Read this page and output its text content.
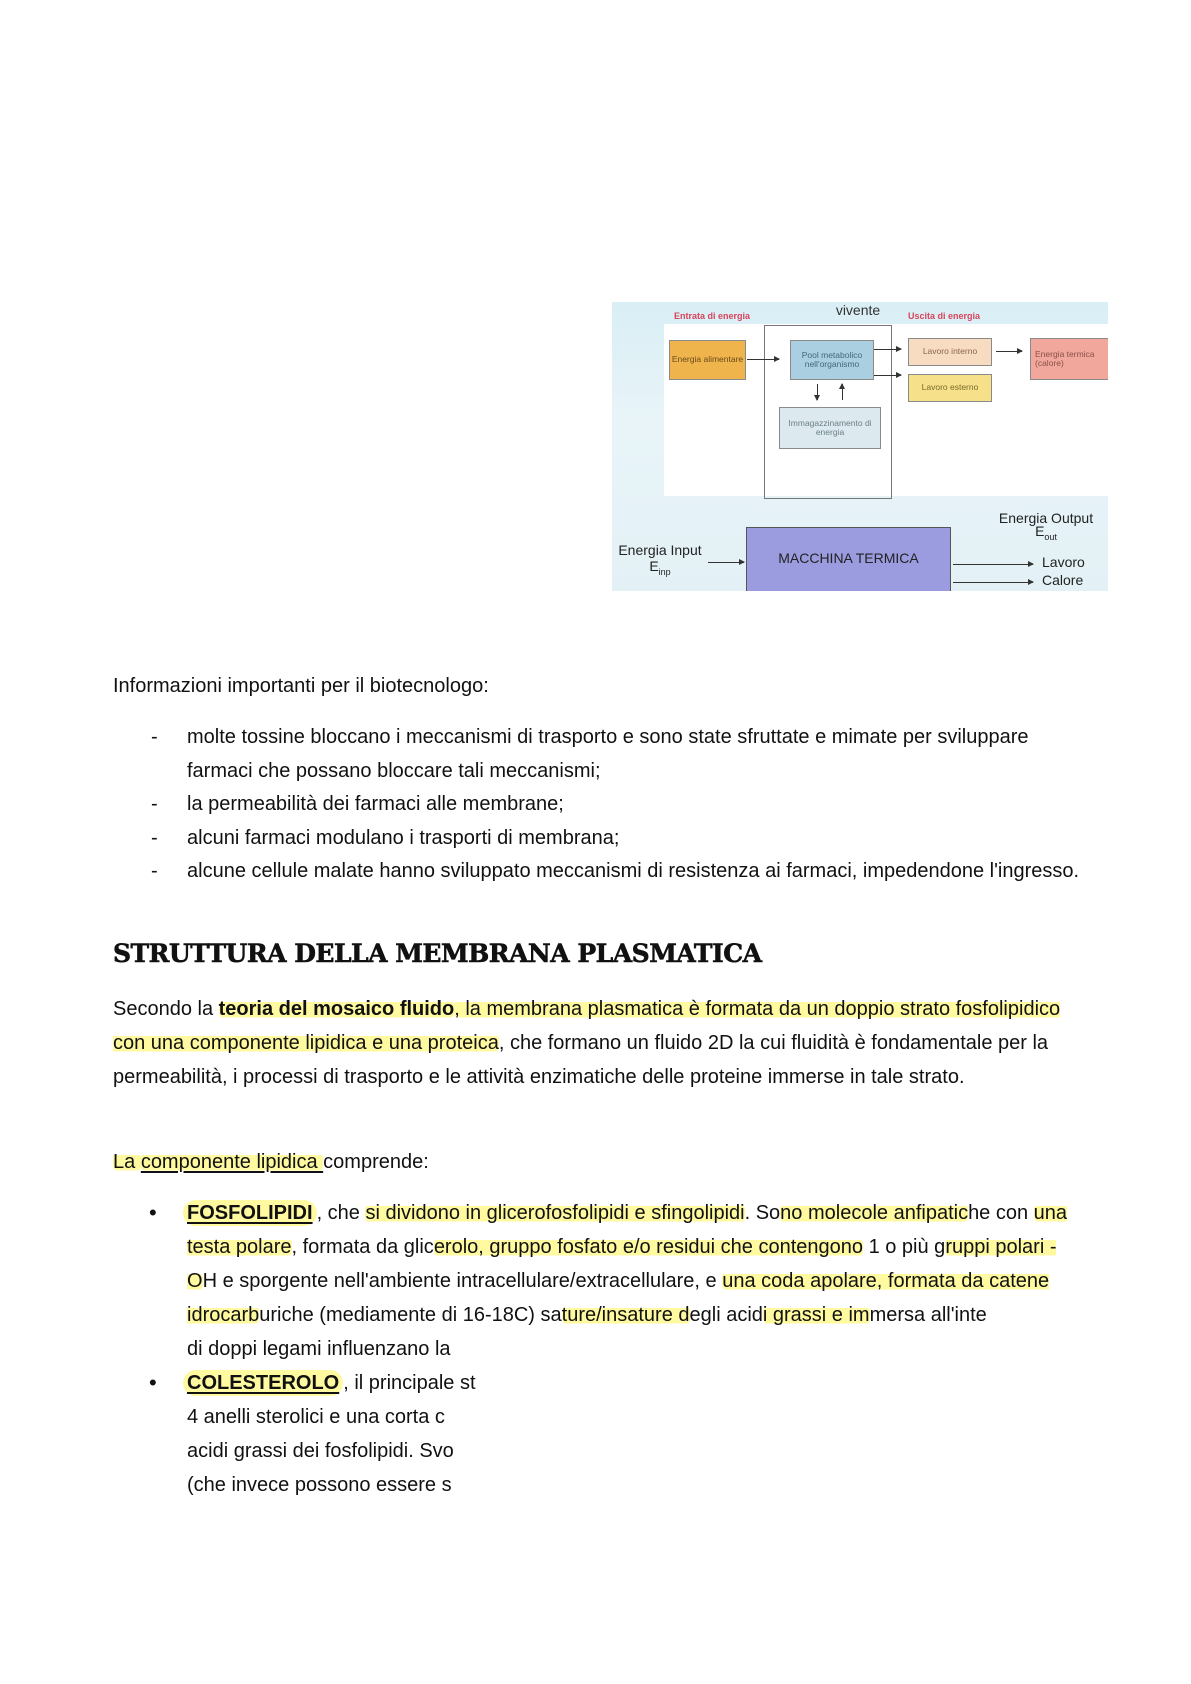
vivente
Entrata di energia	Uscita di energia
Energia alimentare	Pool metabolico nell'organismo
Immagazzinamento di energia
Lavoro interno
Lavoro esterno
Energia termica (calore)
MACCHINA TERMICA
Energia Input
$E_{inp}$
Energia Output
$E_{out}$
Lavoro
Calore
Informazioni importanti per il biotecnologo:
- molte tossine bloccano i meccanismi di trasporto e sono state sfruttate e mimate per sviluppare farmaci che possano bloccare tali meccanismi;
- la permeabilità dei farmaci alle membrane;
- alcuni farmaci modulano i trasporti di membrana;
- alcune cellule malate hanno sviluppato meccanismi di resistenza ai farmaci, impedendone l'ingresso.
STRUTTURA DELLA MEMBRANA PLASMATICA
Secondo la teoria del mosaico fluido, la membrana plasmatica è formata da un doppio strato fosfolipidico con una componente lipidica e una proteica, che formano un fluido 2D la cui fluidità è fondamentale per la permeabilità, i processi di trasporto e le attività enzimatiche delle proteine immerse in tale strato.
La componente lipidica comprende:
• FOSFOLIPIDI , che si dividono in glicerofosfolipidi e sfingolipidi. Sono molecole anfipatiche con una testa polare, formata da glicerolo, gruppo fosfato e/o residui che contengono 1 o più gruppi polari -OH e sporgente nell'ambiente intracellulare/extracellulare, e una coda apolare, formata da catene idrocarburiche (mediamente di 16-18C) sature/insature degli acidi grassi e immersa all'inte
di doppi legami influenzano la
• COLESTEROLO , il principale st
4 anelli sterolici e una corta c
acidi grassi dei fosfolipidi. Svo
(che invece possono essere s
